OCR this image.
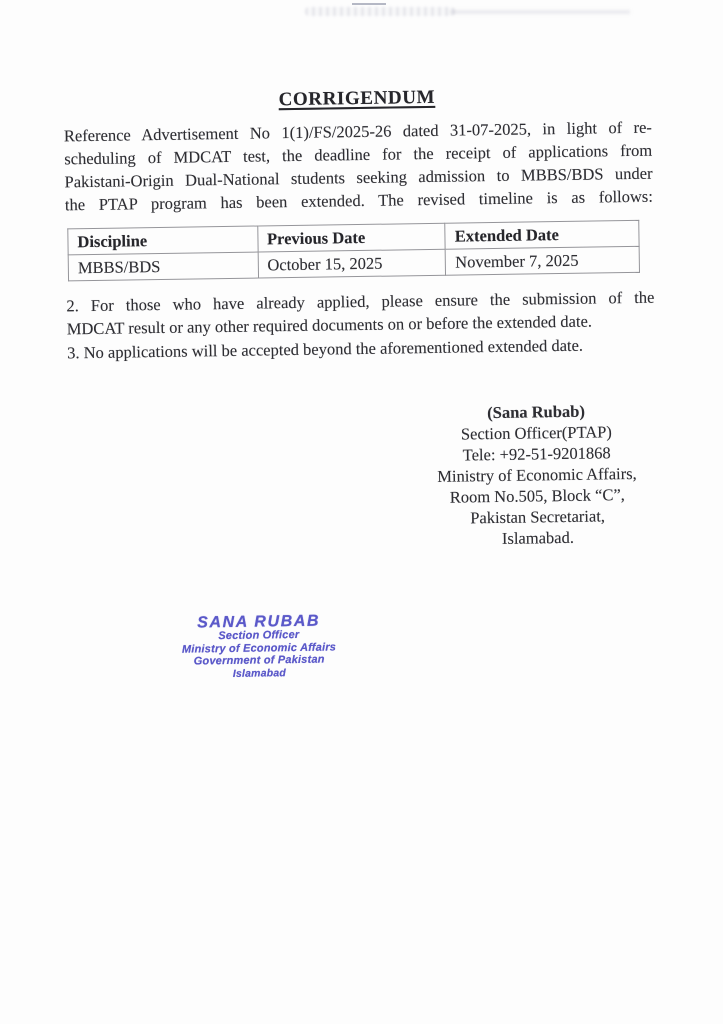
CORRIGENDUM
Reference Advertisement No 1(1)/FS/2025-26 dated 31-07-2025, in light of re-
scheduling of MDCAT test, the deadline for the receipt of applications from
Pakistani-Origin Dual-National students seeking admission to MBBS/BDS under
the PTAP program has been extended. The revised timeline is as follows:
Discipline	Previous Date	Extended Date
MBBS/BDS	October 15, 2025	November 7, 2025
2. For those who have already applied, please ensure the submission of the
MDCAT result or any other required documents on or before the extended date.
3. No applications will be accepted beyond the aforementioned extended date.
(Sana Rubab)
Section Officer(PTAP)
Tele: +92-51-9201868
Ministry of Economic Affairs,
Room No.505, Block “C”,
Pakistan Secretariat,
Islamabad.
SANA RUBAB
Section Officer
Ministry of Economic Affairs
Government of Pakistan
Islamabad
